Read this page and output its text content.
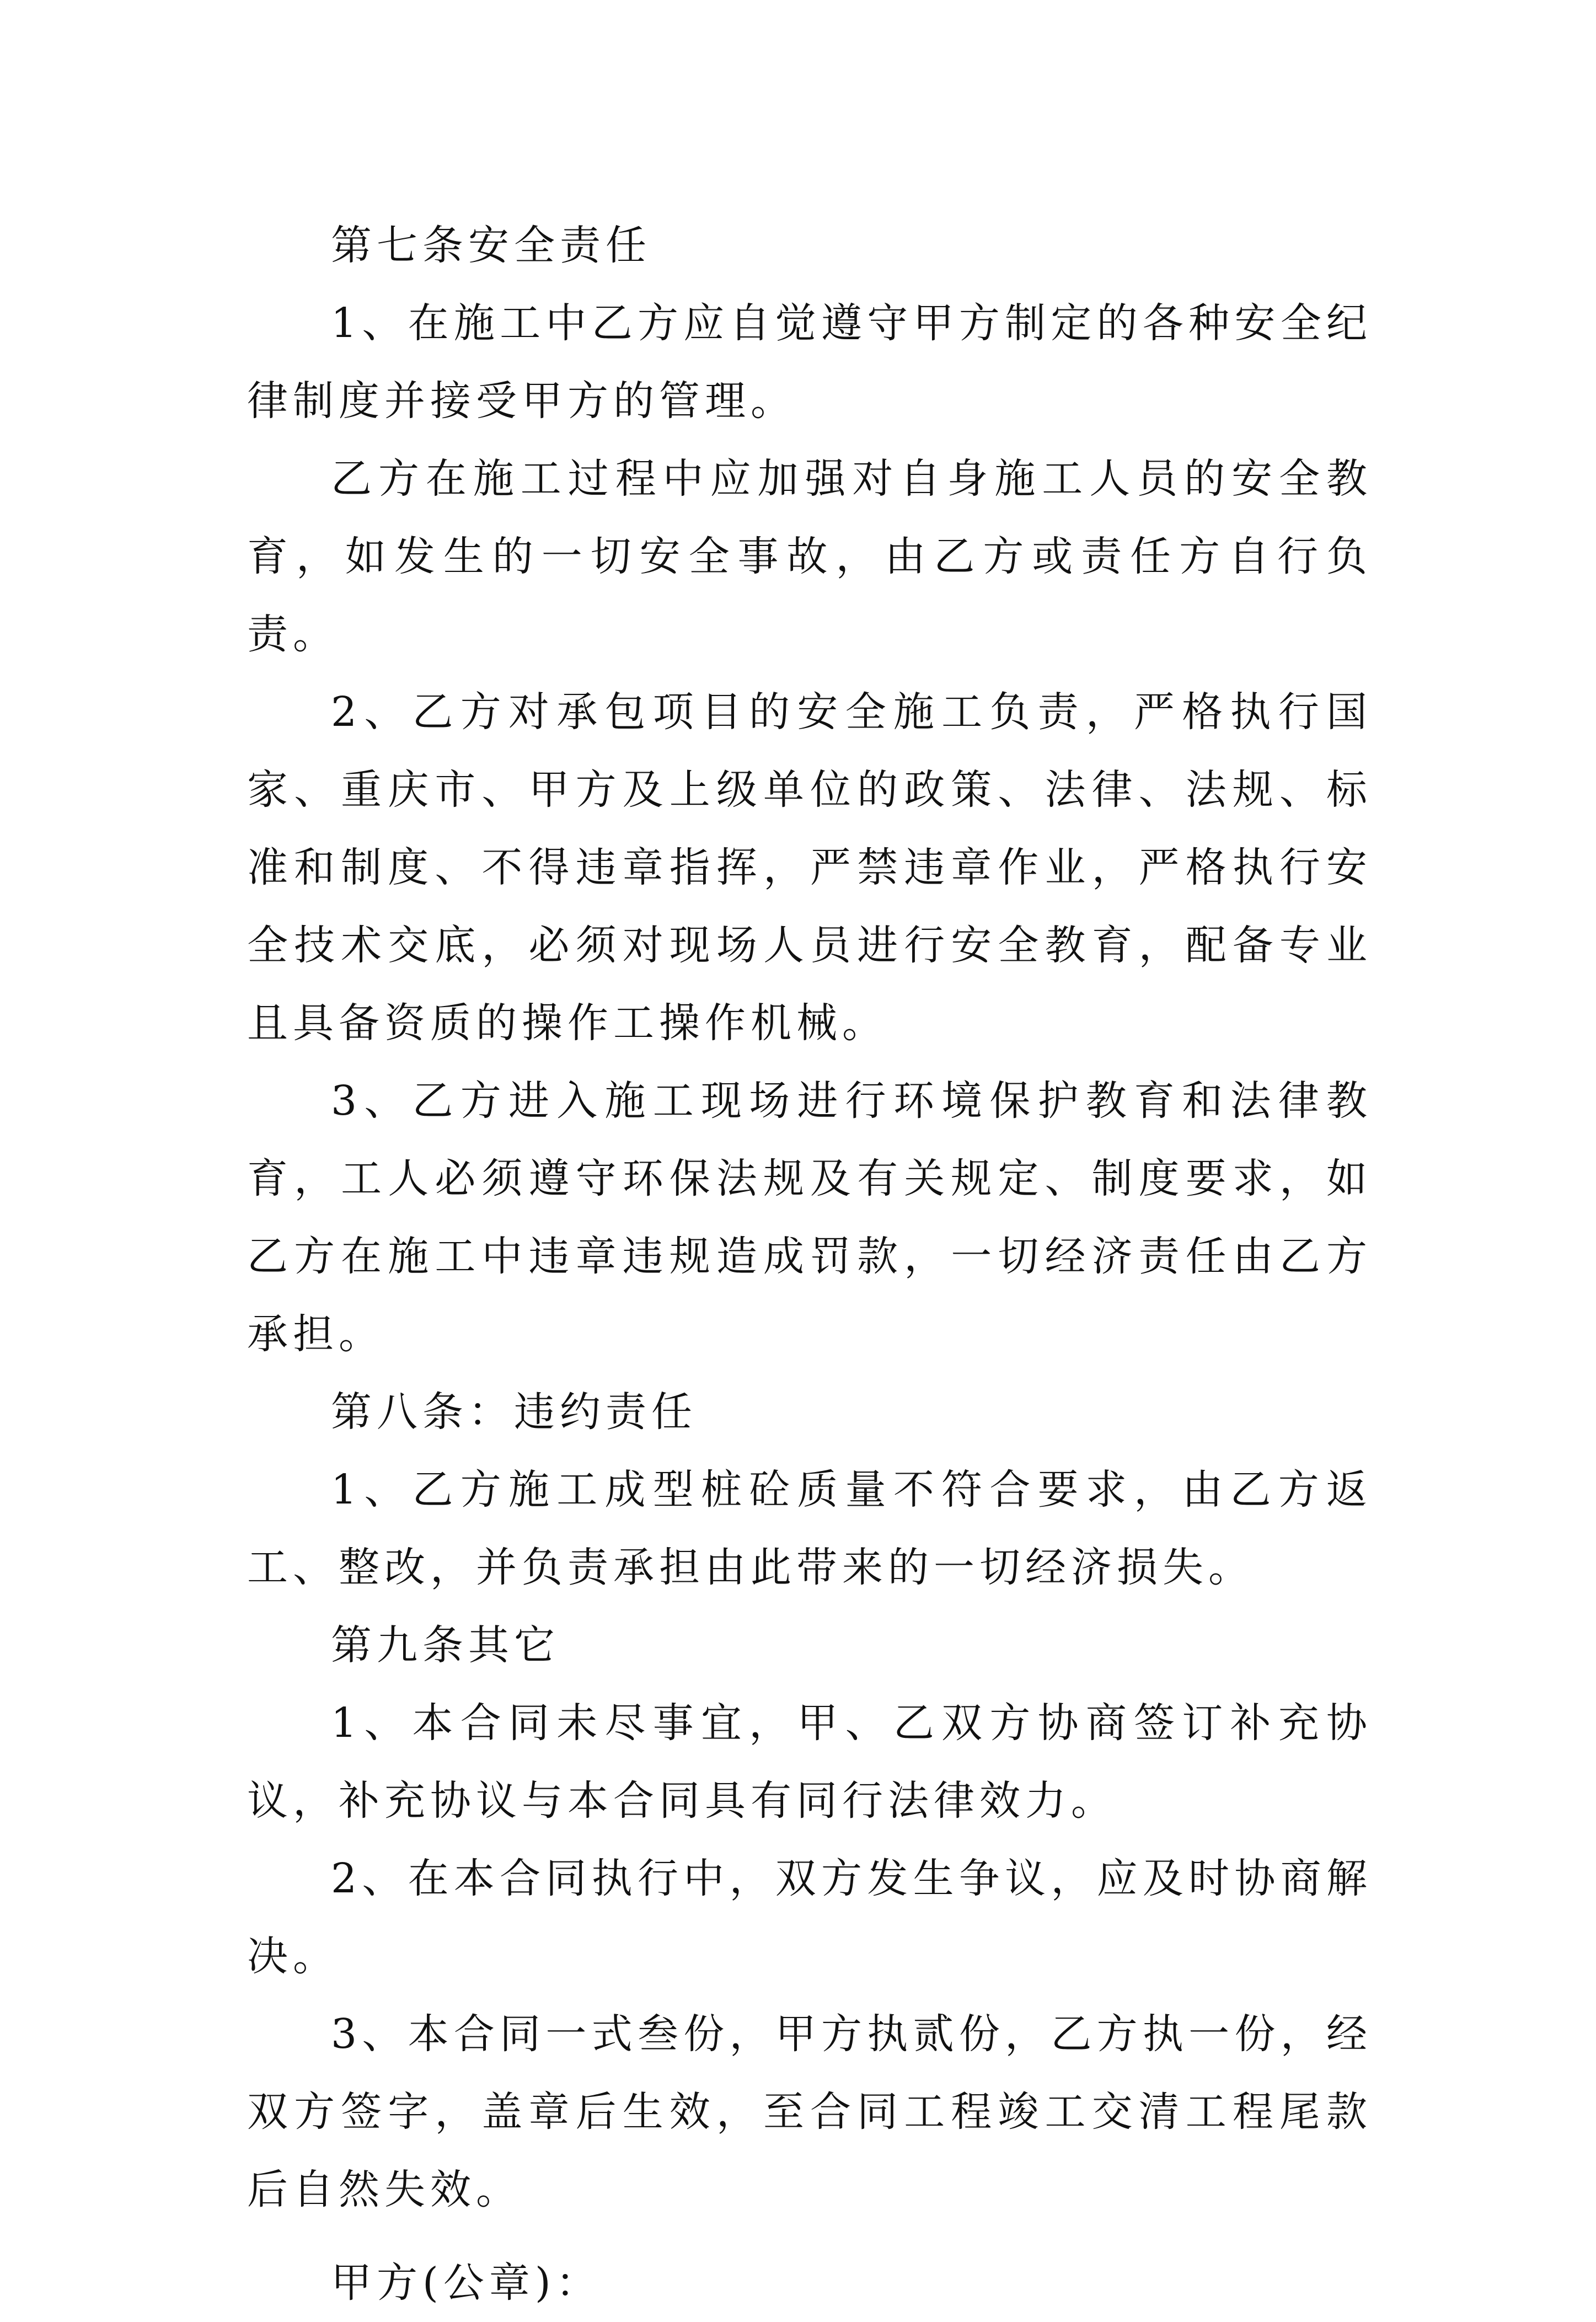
第七条安全责任

1、在施工中乙方应自觉遵守甲方制定的各种安全纪律制度并接受甲方的管理。

乙方在施工过程中应加强对自身施工人员的安全教育，如发生的一切安全事故，由乙方或责任方自行负责。

2、乙方对承包项目的安全施工负责，严格执行国家、重庆市、甲方及上级单位的政策、法律、法规、标准和制度、不得违章指挥，严禁违章作业，严格执行安全技术交底，必须对现场人员进行安全教育，配备专业且具备资质的操作工操作机械。

3、乙方进入施工现场进行环境保护教育和法律教育，工人必须遵守环保法规及有关规定、制度要求，如乙方在施工中违章违规造成罚款，一切经济责任由乙方承担。

第八条：违约责任

1、乙方施工成型桩砼质量不符合要求，由乙方返工、整改，并负责承担由此带来的一切经济损失。

第九条其它

1、本合同未尽事宜，甲、乙双方协商签订补充协议，补充协议与本合同具有同行法律效力。

2、在本合同执行中，双方发生争议，应及时协商解决。

3、本合同一式叁份，甲方执贰份，乙方执一份，经双方签字，盖章后生效，至合同工程竣工交清工程尾款后自然失效。

甲方(公章)：
